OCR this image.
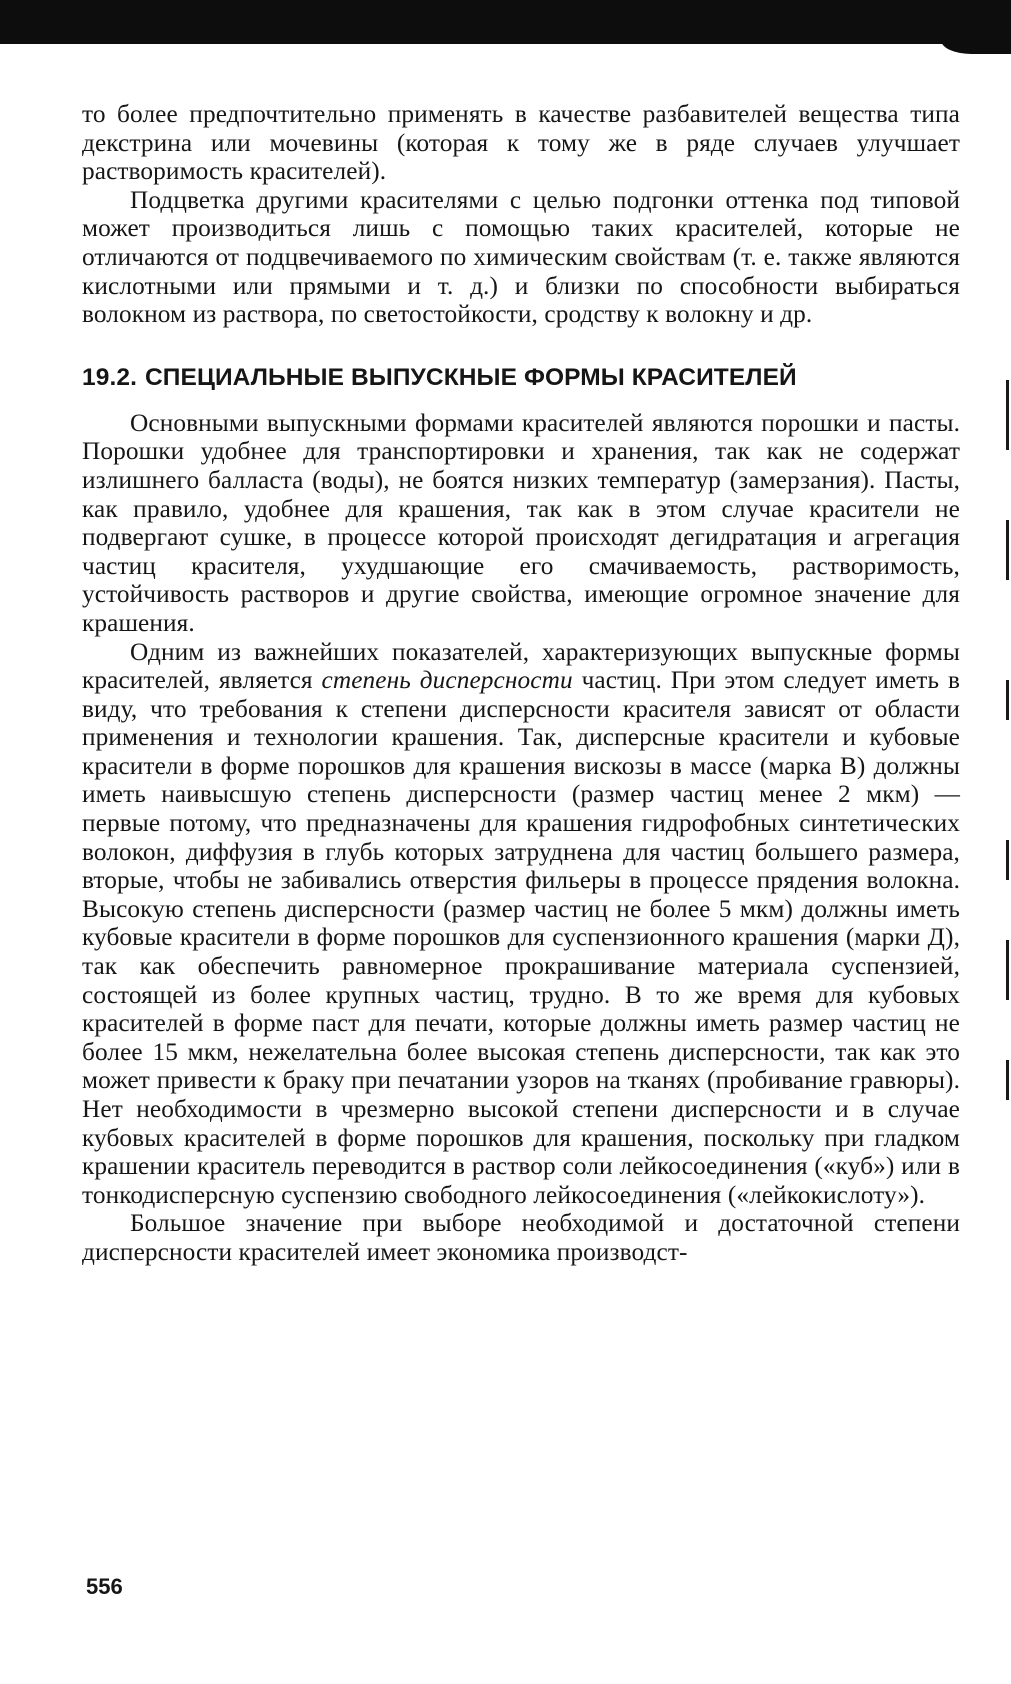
то более предпочтительно применять в качестве разбавителей вещества типа декстрина или мочевины (которая к тому же в ряде случаев улучшает растворимость красителей).

Подцветка другими красителями с целью подгонки оттенка под типовой может производиться лишь с помощью таких красителей, которые не отличаются от подцвечиваемого по химическим свойствам (т. е. также являются кислотными или прямыми и т. д.) и близки по способности выбираться волокном из раствора, по светостойкости, сродству к волокну и др.

19.2. СПЕЦИАЛЬНЫЕ ВЫПУСКНЫЕ ФОРМЫ КРАСИТЕЛЕЙ

Основными выпускными формами красителей являются порошки и пасты. Порошки удобнее для транспортировки и хранения, так как не содержат излишнего балласта (воды), не боятся низких температур (замерзания). Пасты, как правило, удобнее для крашения, так как в этом случае красители не подвергают сушке, в процессе которой происходят дегидратация и агрегация частиц красителя, ухудшающие его смачиваемость, растворимость, устойчивость растворов и другие свойства, имеющие огромное значение для крашения.

Одним из важнейших показателей, характеризующих выпускные формы красителей, является степень дисперсности частиц. При этом следует иметь в виду, что требования к степени дисперсности красителя зависят от области применения и технологии крашения. Так, дисперсные красители и кубовые красители в форме порошков для крашения вискозы в массе (марка В) должны иметь наивысшую степень дисперсности (размер частиц менее 2 мкм) — первые потому, что предназначены для крашения гидрофобных синтетических волокон, диффузия в глубь которых затруднена для частиц большего размера, вторые, чтобы не забивались отверстия фильеры в процессе прядения волокна. Высокую степень дисперсности (размер частиц не более 5 мкм) должны иметь кубовые красители в форме порошков для суспензионного крашения (марки Д), так как обеспечить равномерное прокрашивание материала суспензией, состоящей из более крупных частиц, трудно. В то же время для кубовых красителей в форме паст для печати, которые должны иметь размер частиц не более 15 мкм, нежелательна более высокая степень дисперсности, так как это может привести к браку при печатании узоров на тканях (пробивание гравюры). Нет необходимости в чрезмерно высокой степени дисперсности и в случае кубовых красителей в форме порошков для крашения, поскольку при гладком крашении краситель переводится в раствор соли лейкосоединения («куб») или в тонкодисперсную суспензию свободного лейкосоединения («лейкокислоту»).

Большое значение при выборе необходимой и достаточной степени дисперсности красителей имеет экономика производст-

556
